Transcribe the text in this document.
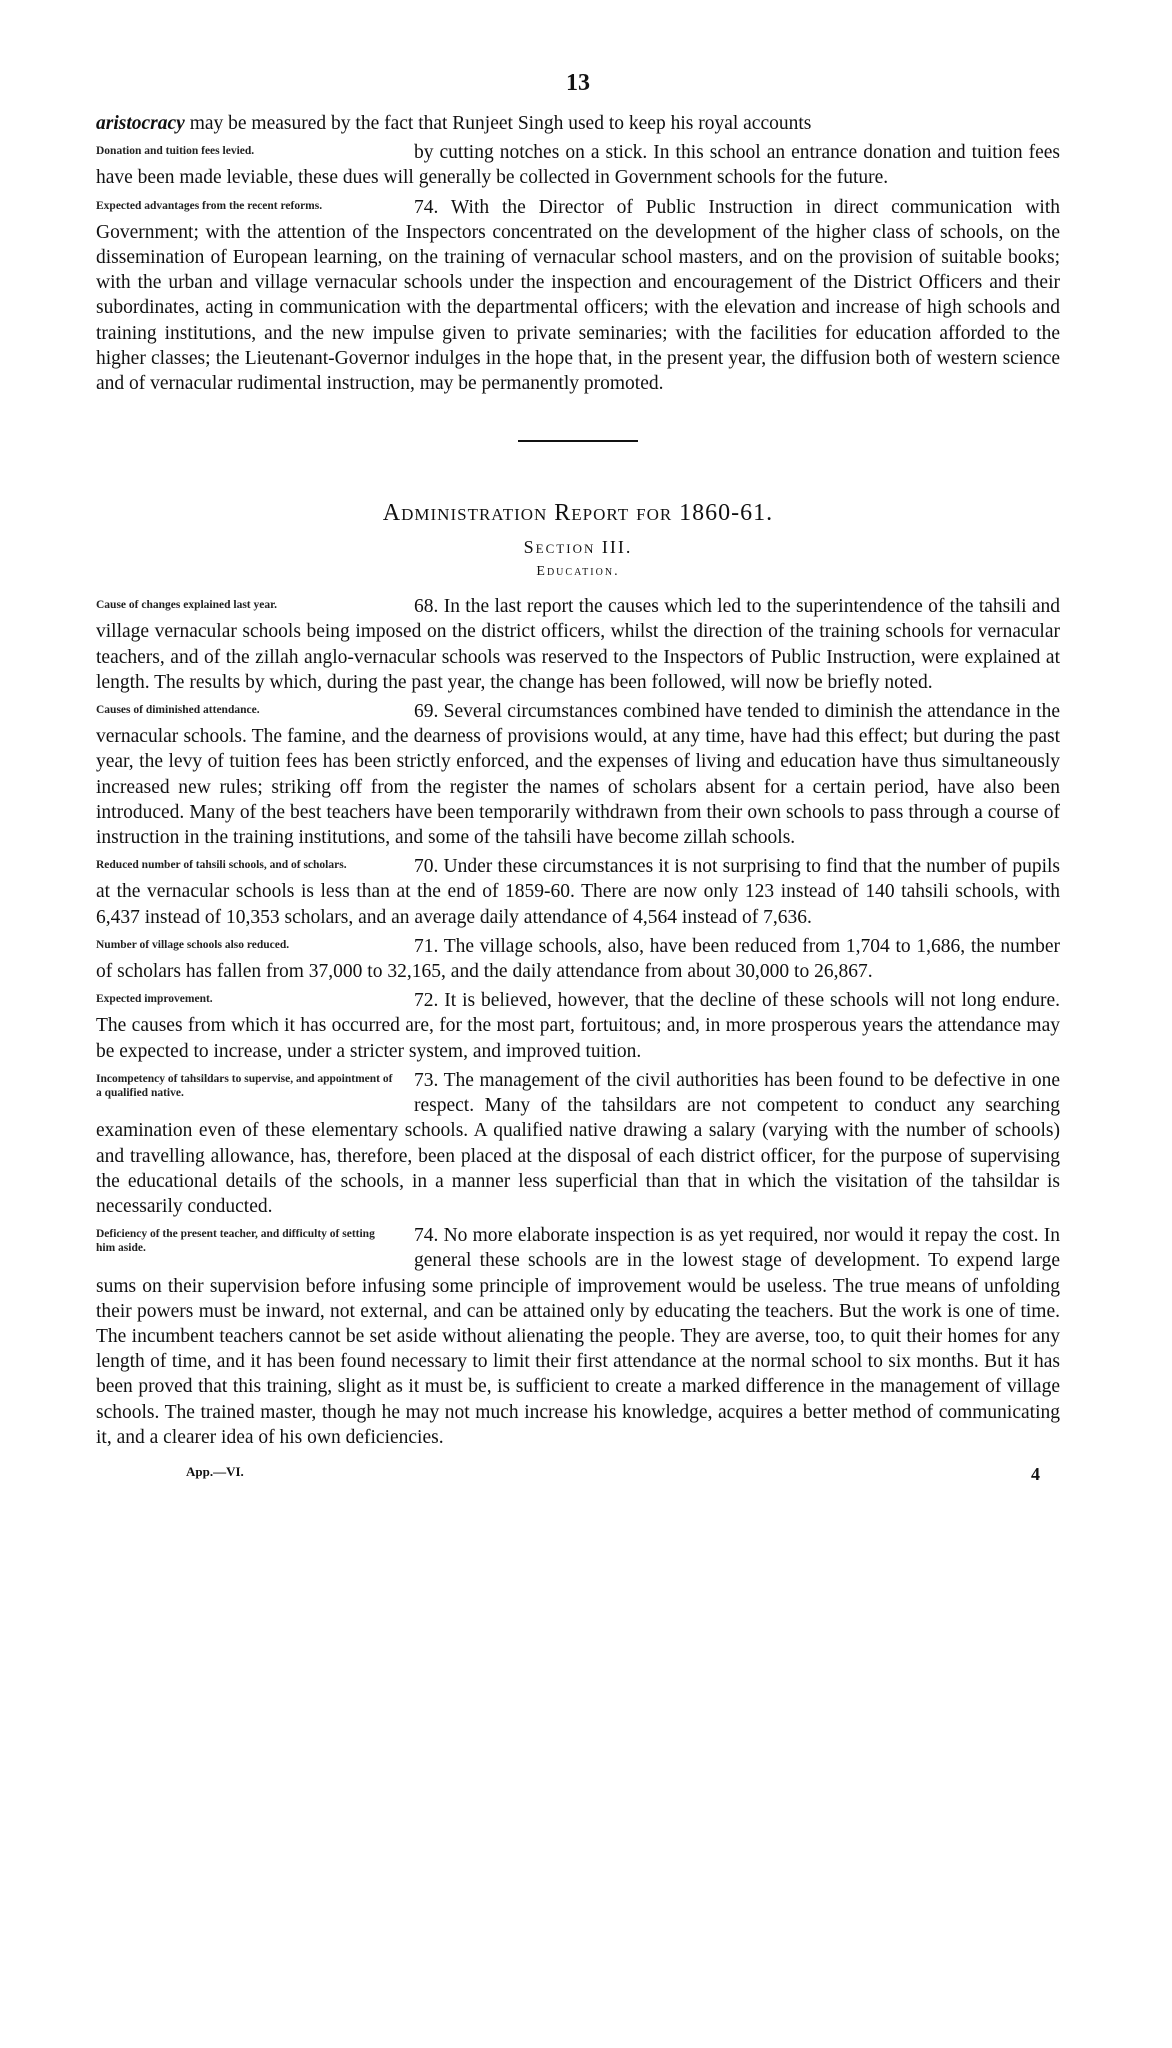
13

aristocracy may be measured by the fact that Runjeet Singh used to keep his royal accounts

Donation and tuition fees levied.	by cutting notches on a stick. In this school an entrance donation and tuition fees have been made leviable, these dues will generally be collected in Government schools for the future.

Expected advantages from the recent reforms.	74. With the Director of Public Instruction in direct communication with Government; with the attention of the Inspectors concentrated on the development of the higher class of schools, on the dissemination of European learning, on the training of vernacular school masters, and on the provision of suitable books; with the urban and village vernacular schools under the inspection and encouragement of the District Officers and their subordinates, acting in communication with the departmental officers; with the elevation and increase of high schools and training institutions, and the new impulse given to private seminaries; with the facilities for education afforded to the higher classes; the Lieutenant-Governor indulges in the hope that, in the present year, the diffusion both of western science and of vernacular rudimental instruction, may be permanently promoted.

Administration Report for 1860-61.
Section III.
Education.

Cause of changes explained last year.	68. In the last report the causes which led to the superintendence of the tahsili and village vernacular schools being imposed on the district officers, whilst the direction of the training schools for vernacular teachers, and of the zillah anglo-vernacular schools was reserved to the Inspectors of Public Instruction, were explained at length. The results by which, during the past year, the change has been followed, will now be briefly noted.

Causes of diminished attendance.	69. Several circumstances combined have tended to diminish the attendance in the vernacular schools. The famine, and the dearness of provisions would, at any time, have had this effect; but during the past year, the levy of tuition fees has been strictly enforced, and the expenses of living and education have thus simultaneously increased new rules; striking off from the register the names of scholars absent for a certain period, have also been introduced. Many of the best teachers have been temporarily withdrawn from their own schools to pass through a course of instruction in the training institutions, and some of the tahsili have become zillah schools.

Reduced number of tahsili schools, and of scholars.	70. Under these circumstances it is not surprising to find that the number of pupils at the vernacular schools is less than at the end of 1859-60. There are now only 123 instead of 140 tahsili schools, with 6,437 instead of 10,353 scholars, and an average daily attendance of 4,564 instead of 7,636.

Number of village schools also reduced.	71. The village schools, also, have been reduced from 1,704 to 1,686, the number of scholars has fallen from 37,000 to 32,165, and the daily attendance from about 30,000 to 26,867.

Expected improvement.	72. It is believed, however, that the decline of these schools will not long endure. The causes from which it has occurred are, for the most part, fortuitous; and, in more prosperous years the attendance may be expected to increase, under a stricter system, and improved tuition.

Incompetency of tahsildars to supervise, and appointment of a qualified native.
73. The management of the civil authorities has been found to be defective in one respect. Many of the tahsildars are not competent to conduct any searching examination even of these elementary schools. A qualified native drawing a salary (varying with the number of schools) and travelling allowance, has, therefore, been placed at the disposal of each district officer, for the purpose of supervising the educational details of the schools, in a manner less superficial than that in which the visitation of the tahsildar is necessarily conducted.

Deficiency of the present teacher, and difficulty of setting him aside.
74. No more elaborate inspection is as yet required, nor would it repay the cost. In general these schools are in the lowest stage of development. To expend large sums on their supervision before infusing some principle of improvement would be useless. The true means of unfolding their powers must be inward, not external, and can be attained only by educating the teachers. But the work is one of time. The incumbent teachers cannot be set aside without alienating the people. They are averse, too, to quit their homes for any length of time, and it has been found necessary to limit their first attendance at the normal school to six months. But it has been proved that this training, slight as it must be, is sufficient to create a marked difference in the management of village schools. The trained master, though he may not much increase his knowledge, acquires a better method of communicating it, and a clearer idea of his own deficiencies.

App.—VI.	4
